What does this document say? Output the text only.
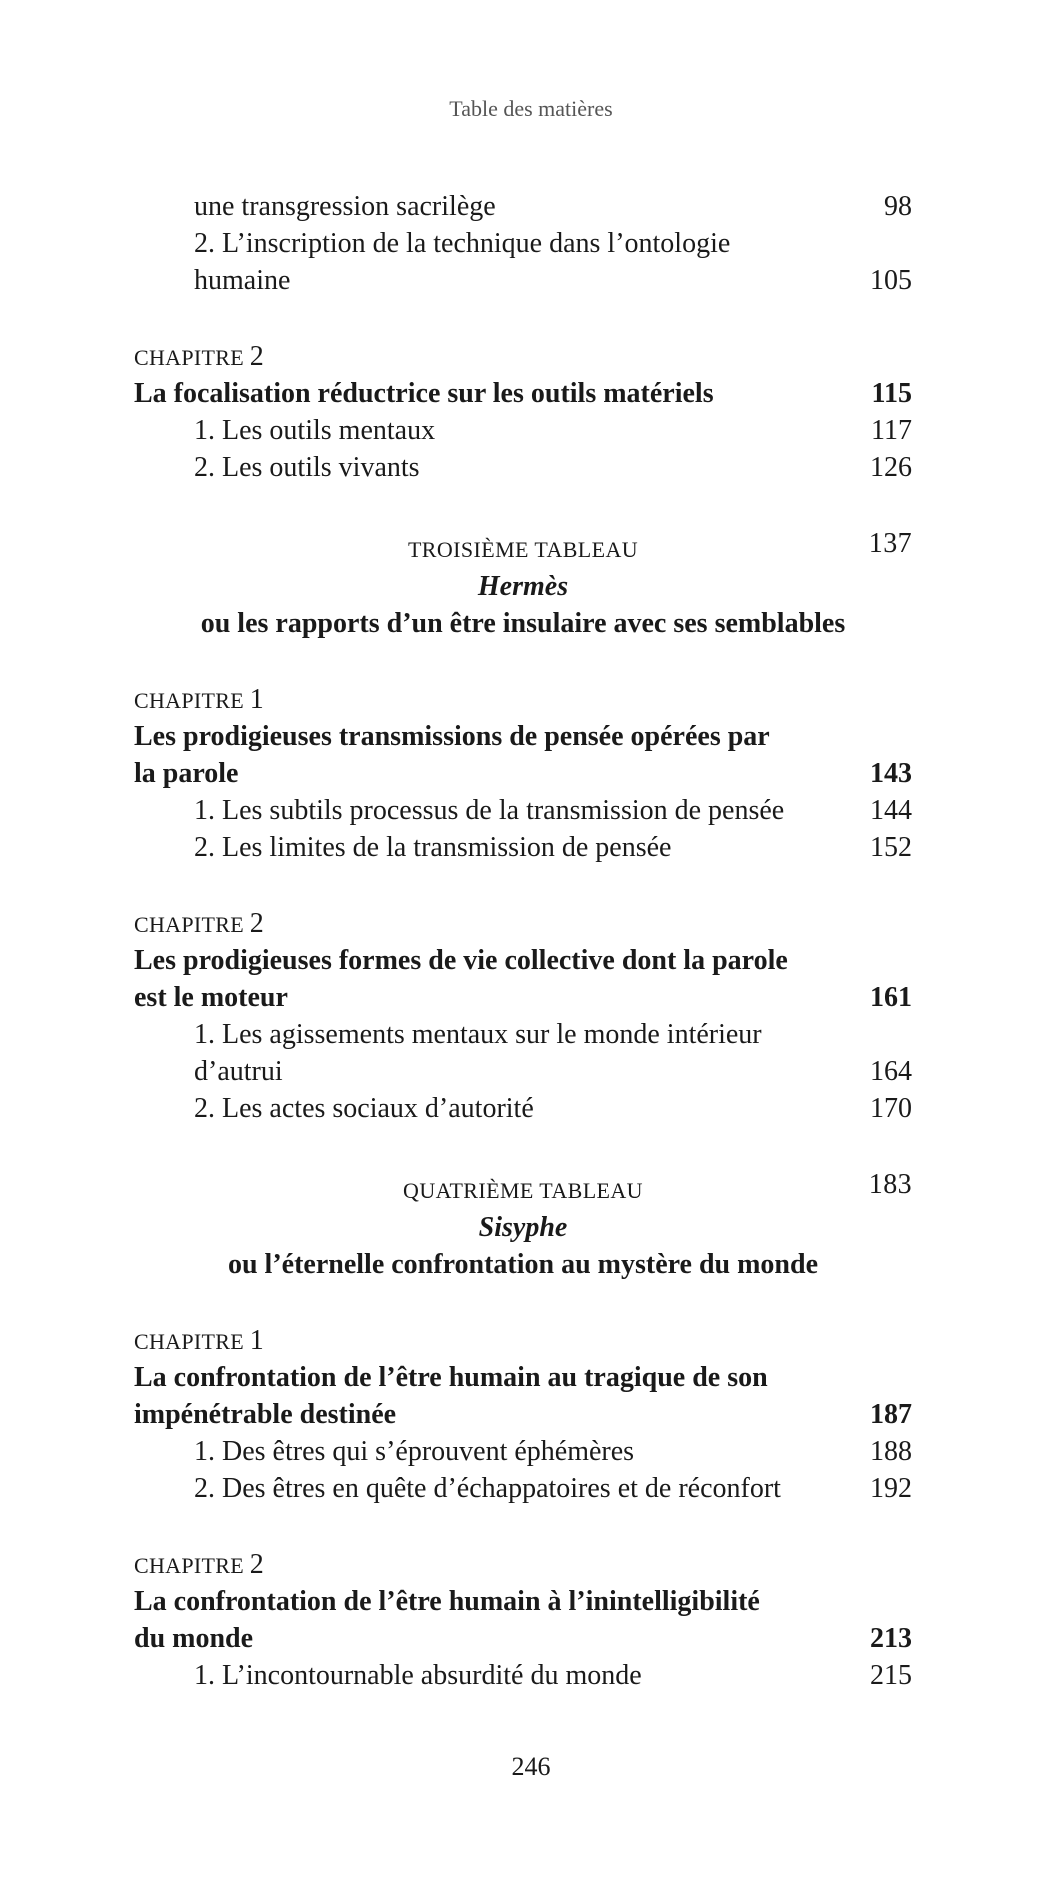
Table des matières
une transgression sacrilège	98
2. L’inscription de la technique dans l’ontologie
humaine	105
CHAPITRE 2
La focalisation réductrice sur les outils matériels	115
1. Les outils mentaux	117
2. Les outils vivants	126
TROISIÈME TABLEAU	137
Hermès
ou les rapports d’un être insulaire avec ses semblables
CHAPITRE 1
Les prodigieuses transmissions de pensée opérées par
la parole	143
1. Les subtils processus de la transmission de pensée	144
2. Les limites de la transmission de pensée	152
CHAPITRE 2
Les prodigieuses formes de vie collective dont la parole
est le moteur	161
1. Les agissements mentaux sur le monde intérieur
d’autrui	164
2. Les actes sociaux d’autorité	170
QUATRIÈME TABLEAU	183
Sisyphe
ou l’éternelle confrontation au mystère du monde
CHAPITRE 1
La confrontation de l’être humain au tragique de son
impénétrable destinée	187
1. Des êtres qui s’éprouvent éphémères	188
2. Des êtres en quête d’échappatoires et de réconfort	192
CHAPITRE 2
La confrontation de l’être humain à l’inintelligibilité
du monde	213
1. L’incontournable absurdité du monde	215
246
